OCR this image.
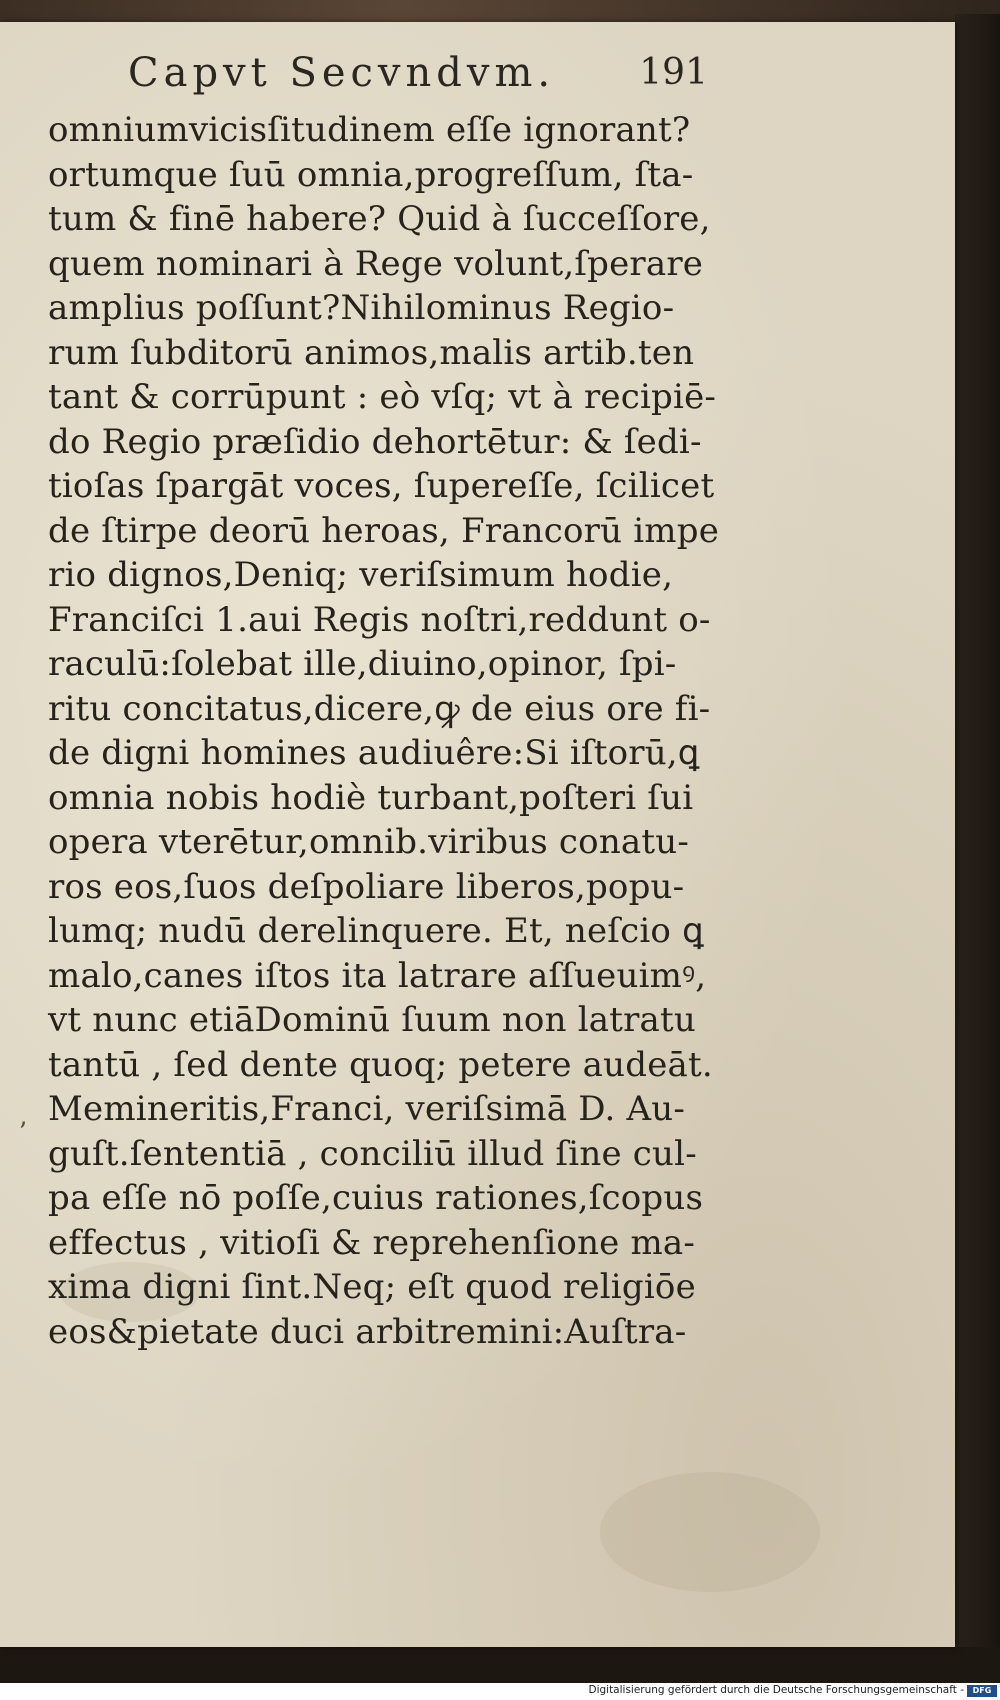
Capvt Secvndvm. 191
ʼ
omniumvicisſitudinem eſſe ignorant?
ortumque ſuū omnia,progreſſum, ſta-
tum & finē habere? Quid à ſucceſſore,
quem nominari à Rege volunt,ſperare
amplius poſſunt?Nihilominus Regio-
rum ſubditorū animos,malis artib.ten
tant & corrūpunt : eò vſq; vt à recipiē-
do Regio præſidio dehortētur: & ſedi-
tioſas ſpargāt voces, ſupereſſe, ſcilicet
de ſtirpe deorū heroas, Francorū impe
rio dignos,Deniq; veriſsimum hodie,
Franciſci 1.aui Regis noſtri,reddunt o-
raculū:ſolebat ille,diuino,opinor, ſpi-
ritu concitatus,dicere,ꝙ de eius ore fi-
de digni homines audiuêre:Si iſtorū,ꝗ
omnia nobis hodiè turbant,poſteri ſui
opera vterētur,omnib.viribus conatu-
ros eos,ſuos deſpoliare liberos,popu-
lumq; nudū derelinquere. Et, neſcio ꝗ
malo,canes iſtos ita latrare aſſueuimꝰ,
vt nunc etiāDominū ſuum non latratu
tantū , ſed dente quoq; petere audeāt.
Memineritis,Franci, veriſsimā D. Au-
guſt.ſententiā , conciliū illud ſine cul-
pa eſſe nō poſſe,cuius rationes,ſcopus
effectus , vitioſi & reprehenſione ma-
xima digni ſint.Neq; eſt quod religiōe
eos&pietate duci arbitremini:Auſtra-
Digitalisierung gefördert durch die Deutsche Forschungsgemeinschaft -	DFG
